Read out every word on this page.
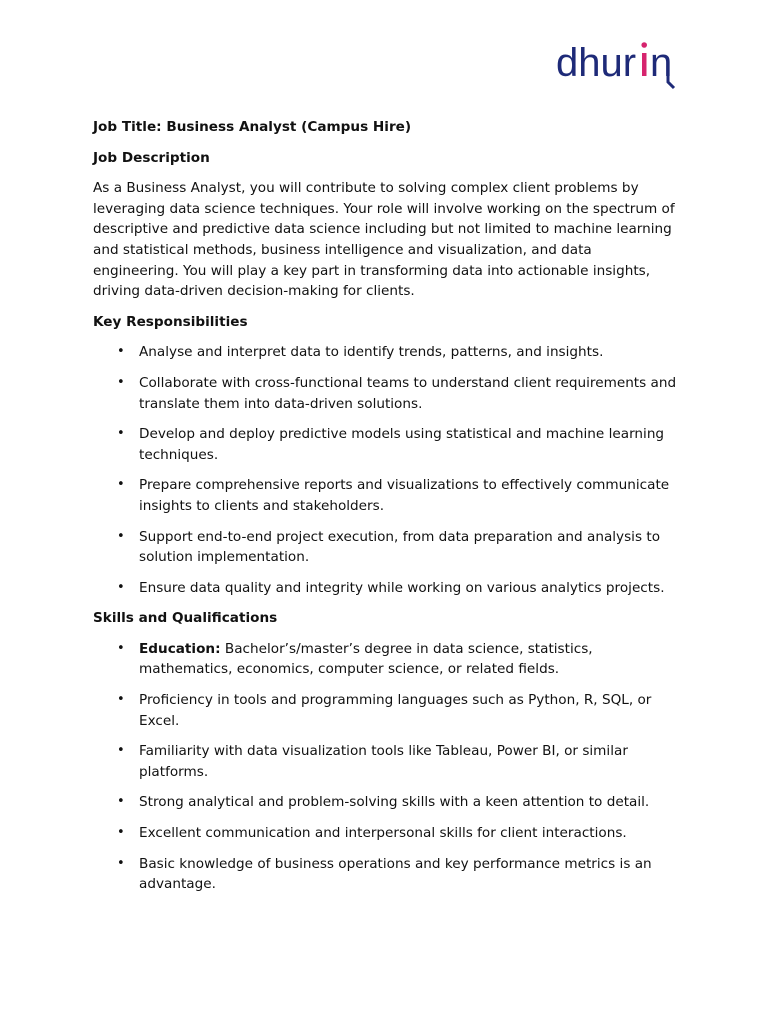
dhur n
Job Title: Business Analyst (Campus Hire)
Job Description
As a Business Analyst, you will contribute to solving complex client problems by leveraging data science techniques. Your role will involve working on the spectrum of descriptive and predictive data science including but not limited to machine learning and statistical methods, business intelligence and visualization, and data engineering. You will play a key part in transforming data into actionable insights, driving data-driven decision-making for clients.
Key Responsibilities
• Analyse and interpret data to identify trends, patterns, and insights.
• Collaborate with cross-functional teams to understand client requirements and translate them into data-driven solutions.
• Develop and deploy predictive models using statistical and machine learning techniques.
• Prepare comprehensive reports and visualizations to effectively communicate insights to clients and stakeholders.
• Support end-to-end project execution, from data preparation and analysis to solution implementation.
• Ensure data quality and integrity while working on various analytics projects.
Skills and Qualifications
• Education: Bachelor’s/master’s degree in data science, statistics, mathematics, economics, computer science, or related fields.
• Proficiency in tools and programming languages such as Python, R, SQL, or Excel.
• Familiarity with data visualization tools like Tableau, Power BI, or similar platforms.
• Strong analytical and problem-solving skills with a keen attention to detail.
• Excellent communication and interpersonal skills for client interactions.
• Basic knowledge of business operations and key performance metrics is an advantage.
